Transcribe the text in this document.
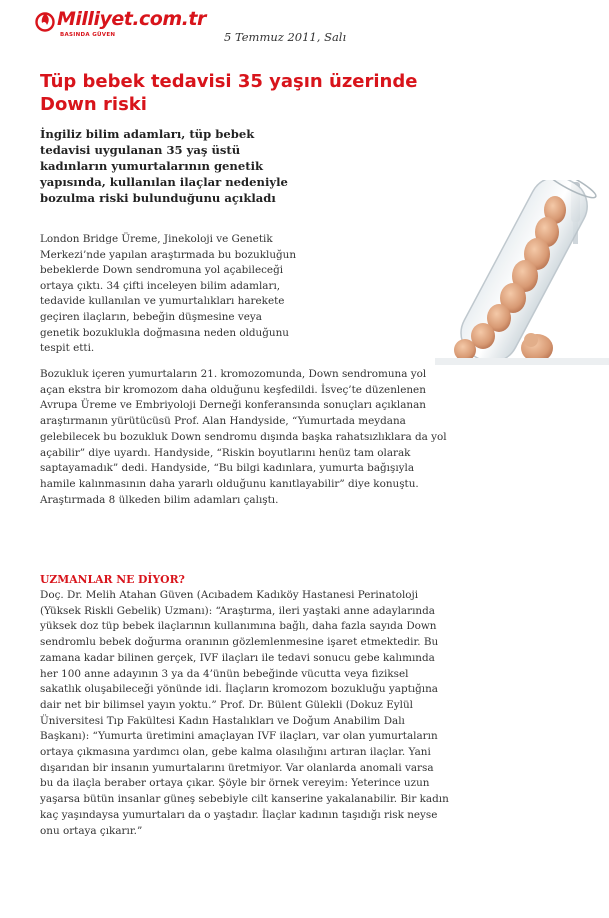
Milliyet.com.tr
BASINDA GÜVEN	5 Temmuz 2011, Salı
Tüp bebek tedavisi 35 yaşın üzerinde Down riski

İngiliz bilim adamları, tüp bebek tedavisi uygulanan 35 yaş üstü kadınların yumurtalarının genetik yapısında, kullanılan ilaçlar nedeniyle bozulma riski bulunduğunu açıkladı

London Bridge Üreme, Jinekoloji ve Genetik Merkezi’nde yapılan araştırmada bu bozukluğun bebeklerde Down sendromuna yol açabileceği ortaya çıktı. 34 çifti inceleyen bilim adamları, tedavide kullanılan ve yumurtalıkları harekete geçiren ilaçların, bebeğin düşmesine veya genetik bozuklukla doğmasına neden olduğunu tespit etti.

Bozukluk içeren yumurtaların 21. kromozomunda, Down sendromuna yol açan ekstra bir kromozom daha olduğunu keşfedildi. İsveç’te düzenlenen Avrupa Üreme ve Embriyoloji Derneği konferansında sonuçları açıklanan araştırmanın yürütücüsü Prof. Alan Handyside, “Yumurtada meydana gelebilecek bu bozukluk Down sendromu dışında başka rahatsızlıklara da yol açabilir” diye uyardı. Handyside, “Riskin boyutlarını henüz tam olarak saptayamadık” dedi. Handyside, “Bu bilgi kadınlara, yumurta bağışıyla hamile kalınmasının daha yararlı olduğunu kanıtlayabilir” diye konuştu. Araştırmada 8 ülkeden bilim adamları çalıştı.

UZMANLAR NE DİYOR?

Doç. Dr. Melih Atahan Güven (Acıbadem Kadıköy Hastanesi Perinatoloji (Yüksek Riskli Gebelik) Uzmanı): “Araştırma, ileri yaştaki anne adaylarında yüksek doz tüp bebek ilaçlarının kullanımına bağlı, daha fazla sayıda Down sendromlu bebek doğurma oranının gözlemlenmesine işaret etmektedir. Bu zamana kadar bilinen gerçek, IVF ilaçları ile tedavi sonucu gebe kalımında her 100 anne adayının 3 ya da 4’ünün bebeğinde vücutta veya fiziksel sakatlık oluşabileceği yönünde idi. İlaçların kromozom bozukluğu yaptığına dair net bir bilimsel yayın yoktu.” Prof. Dr. Bülent Gülekli (Dokuz Eylül Üniversitesi Tıp Fakültesi Kadın Hastalıkları ve Doğum Anabilim Dalı Başkanı): “Yumurta üretimini amaçlayan IVF ilaçları, var olan yumurtaların ortaya çıkmasına yardımcı olan, gebe kalma olasılığını artıran ilaçlar. Yani dışarıdan bir insanın yumurtalarını üretmiyor. Var olanlarda anomali varsa bu da ilaçla beraber ortaya çıkar. Şöyle bir örnek vereyim: Yeterince uzun yaşarsa bütün insanlar güneş sebebiyle cilt kanserine yakalanabilir. Bir kadın kaç yaşındaysa yumurtaları da o yaştadır. İlaçlar kadının taşıdığı risk neyse onu ortaya çıkarır.”
